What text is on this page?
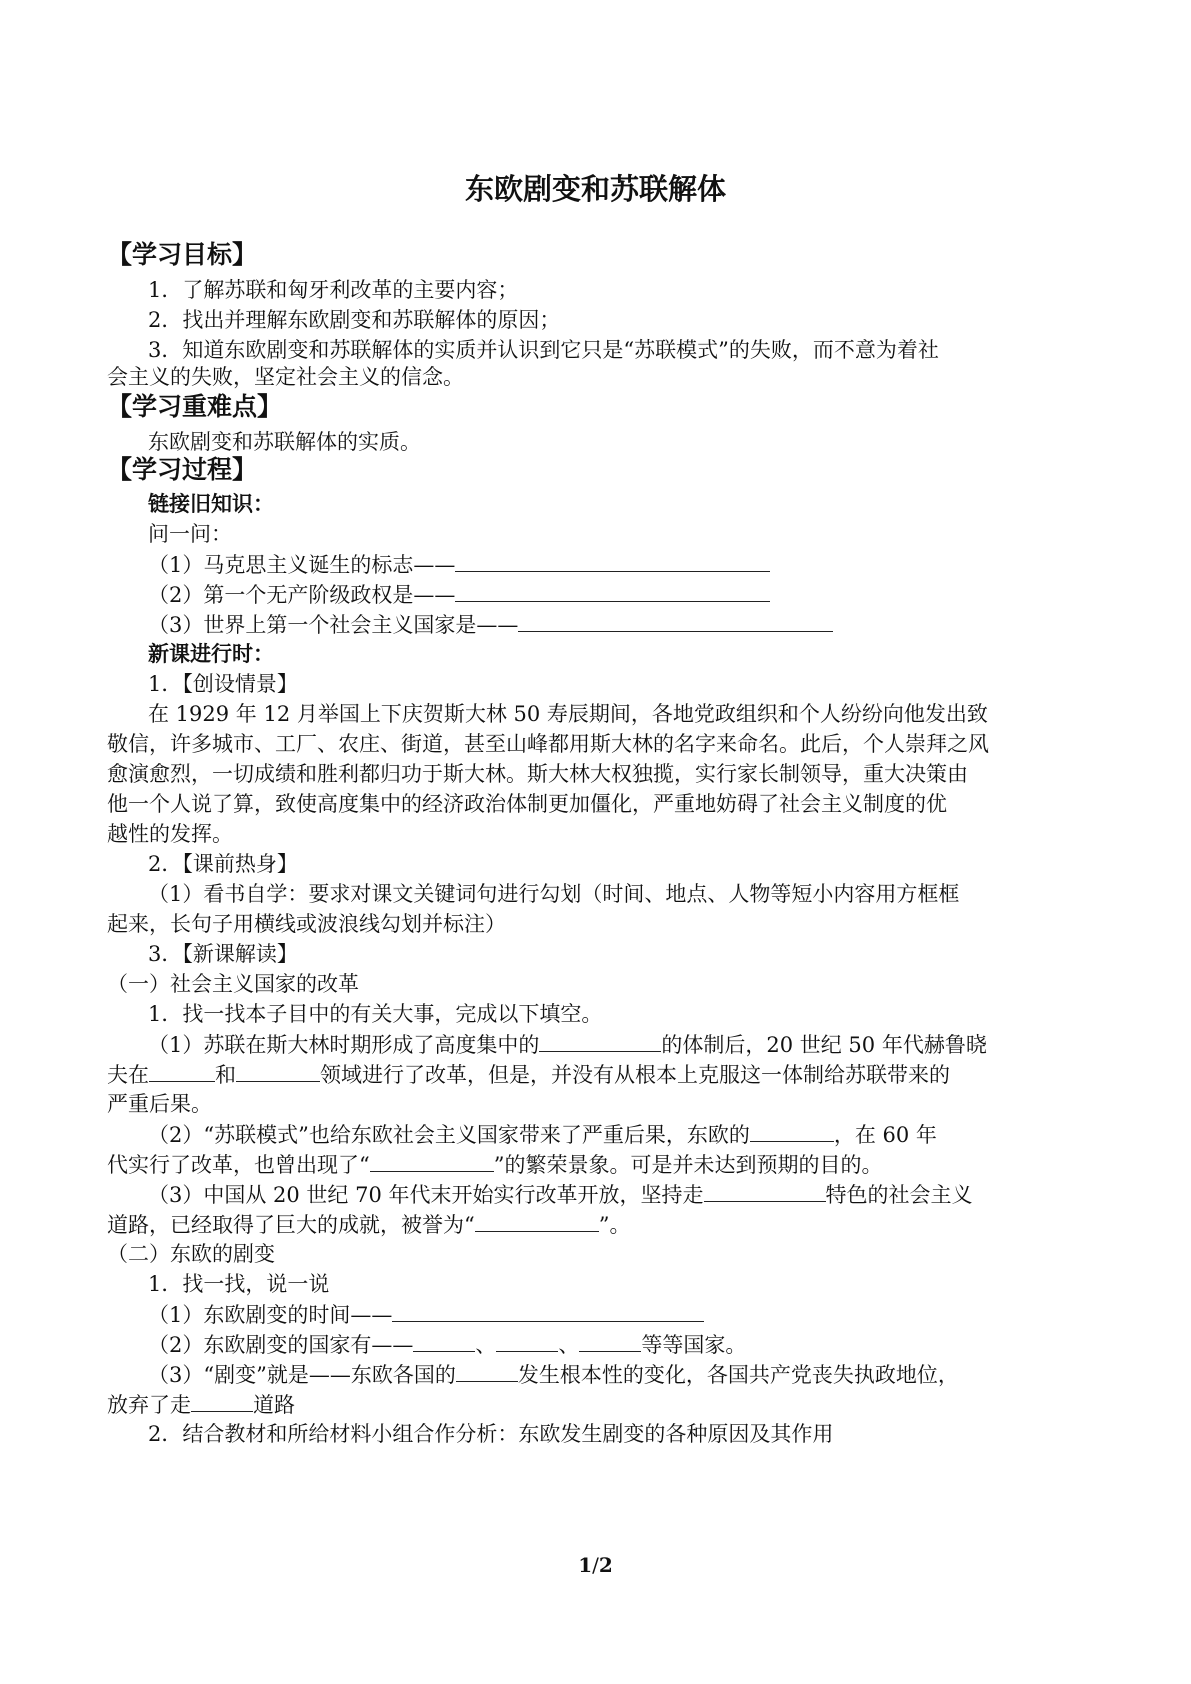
东欧剧变和苏联解体
【学习目标】
1．了解苏联和匈牙利改革的主要内容；
2．找出并理解东欧剧变和苏联解体的原因；
3．知道东欧剧变和苏联解体的实质并认识到它只是“苏联模式”的失败，而不意为着社
会主义的失败，坚定社会主义的信念。
【学习重难点】
东欧剧变和苏联解体的实质。
【学习过程】
链接旧知识：
问一问：
（1）马克思主义诞生的标志——
（2）第一个无产阶级政权是——
（3）世界上第一个社会主义国家是——
新课进行时：
1．【创设情景】
在 1929 年 12 月举国上下庆贺斯大林 50 寿辰期间，各地党政组织和个人纷纷向他发出致
敬信，许多城市、工厂、农庄、街道，甚至山峰都用斯大林的名字来命名。此后，个人崇拜之风
愈演愈烈，一切成绩和胜利都归功于斯大林。斯大林大权独揽，实行家长制领导，重大决策由
他一个人说了算，致使高度集中的经济政治体制更加僵化，严重地妨碍了社会主义制度的优
越性的发挥。
2．【课前热身】
（1）看书自学：要求对课文关键词句进行勾划（时间、地点、人物等短小内容用方框框
起来，长句子用横线或波浪线勾划并标注）
3．【新课解读】
（一）社会主义国家的改革
1．找一找本子目中的有关大事，完成以下填空。
（1）苏联在斯大林时期形成了高度集中的	的体制后，20 世纪 50 年代赫鲁晓
夫在	和	领域进行了改革，但是，并没有从根本上克服这一体制给苏联带来的
严重后果。
（2）“苏联模式”也给东欧社会主义国家带来了严重后果，东欧的	，在 60 年
代实行了改革，也曾出现了“	”的繁荣景象。可是并未达到预期的目的。
（3）中国从 20 世纪 70 年代末开始实行改革开放，坚持走	特色的社会主义
道路，已经取得了巨大的成就，被誉为“	”。
（二）东欧的剧变
1．找一找，说一说
（1）东欧剧变的时间——
（2）东欧剧变的国家有——	、	、	等等国家。
（3）“剧变”就是——东欧各国的	发生根本性的变化，各国共产党丧失执政地位，
放弃了走	道路
2．结合教材和所给材料小组合作分析：东欧发生剧变的各种原因及其作用
1/2
